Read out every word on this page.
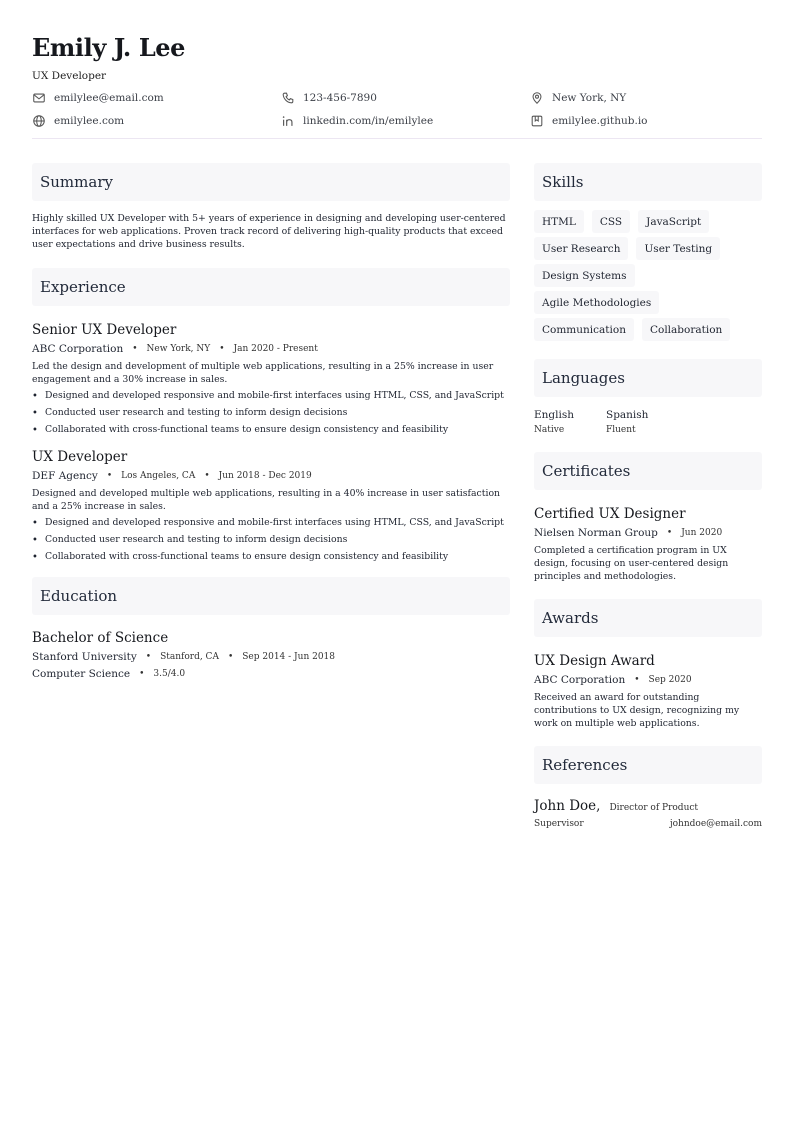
Emily J. Lee
UX Developer
emilylee@email.com	123-456-7890	New York, NY
emilylee.com	linkedin.com/in/emilylee	emilylee.github.io
Summary

Highly skilled UX Developer with 5+ years of experience in designing and developing user-centered interfaces for web applications. Proven track record of delivering high-quality products that exceed user expectations and drive business results.

Experience
Senior UX Developer
ABC Corporation • New York, NY • Jan 2020 - Present

Led the design and development of multiple web applications, resulting in a 25% increase in user engagement and a 30% increase in sales.

• Designed and developed responsive and mobile-first interfaces using HTML, CSS, and JavaScript
• Conducted user research and testing to inform design decisions
• Collaborated with cross-functional teams to ensure design consistency and feasibility
UX Developer
DEF Agency • Los Angeles, CA • Jun 2018 - Dec 2019

Designed and developed multiple web applications, resulting in a 40% increase in user satisfaction and a 25% increase in sales.

• Designed and developed responsive and mobile-first interfaces using HTML, CSS, and JavaScript
• Conducted user research and testing to inform design decisions
• Collaborated with cross-functional teams to ensure design consistency and feasibility
Education
Bachelor of Science
Stanford University • Stanford, CA • Sep 2014 - Jun 2018
Computer Science • 3.5/4.0
Skills
HTML	CSS	JavaScript
User Research	User Testing
Design Systems
Agile Methodologies
Communication	Collaboration
Languages
English
Native
Spanish
Fluent
Certificates
Certified UX Designer
Nielsen Norman Group • Jun 2020

Completed a certification program in UX design, focusing on user-centered design principles and methodologies.

Awards
UX Design Award
ABC Corporation • Sep 2020

Received an award for outstanding contributions to UX design, recognizing my work on multiple web applications.

References
John Doe, Director of Product
Supervisor	johndoe@email.com
